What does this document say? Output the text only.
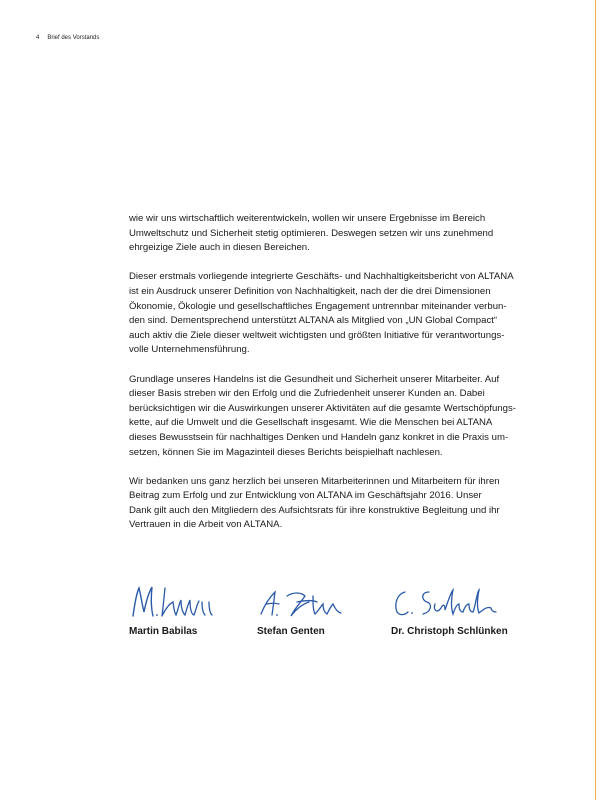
4 Brief des Vorstands

wie wir uns wirtschaftlich weiterentwickeln, wollen wir unsere Ergebnisse im Bereich
Umweltschutz und Sicherheit stetig optimieren. Deswegen setzen wir uns zunehmend
ehrgeizige Ziele auch in diesen Bereichen.

Dieser erstmals vorliegende integrierte Geschäfts- und Nachhaltigkeitsbericht von ALTANA
ist ein Ausdruck unserer Definition von Nachhaltigkeit, nach der die drei Dimensionen
Ökonomie, Ökologie und gesellschaftliches Engagement untrennbar miteinander verbun-
den sind. Dementsprechend unterstützt ALTANA als Mitglied von „UN Global Compact“
auch aktiv die Ziele dieser weltweit wichtigsten und größten Initiative für verantwortungs-
volle Unternehmensführung.

Grundlage unseres Handelns ist die Gesundheit und Sicherheit unserer Mitarbeiter. Auf
dieser Basis streben wir den Erfolg und die Zufriedenheit unserer Kunden an. Dabei
berücksichtigen wir die Auswirkungen unserer Aktivitäten auf die gesamte Wertschöpfungs-
kette, auf die Umwelt und die Gesellschaft insgesamt. Wie die Menschen bei ALTANA
dieses Bewusstsein für nachhaltiges Denken und Handeln ganz konkret in die Praxis um-
setzen, können Sie im Magazinteil dieses Berichts beispielhaft nachlesen.

Wir bedanken uns ganz herzlich bei unseren Mitarbeiterinnen und Mitarbeitern für ihren
Beitrag zum Erfolg und zur Entwicklung von ALTANA im Geschäftsjahr 2016. Unser
Dank gilt auch den Mitgliedern des Aufsichtsrats für ihre konstruktive Begleitung und ihr
Vertrauen in die Arbeit von ALTANA.

Martin Babilas	Stefan Genten	Dr. Christoph Schlünken
